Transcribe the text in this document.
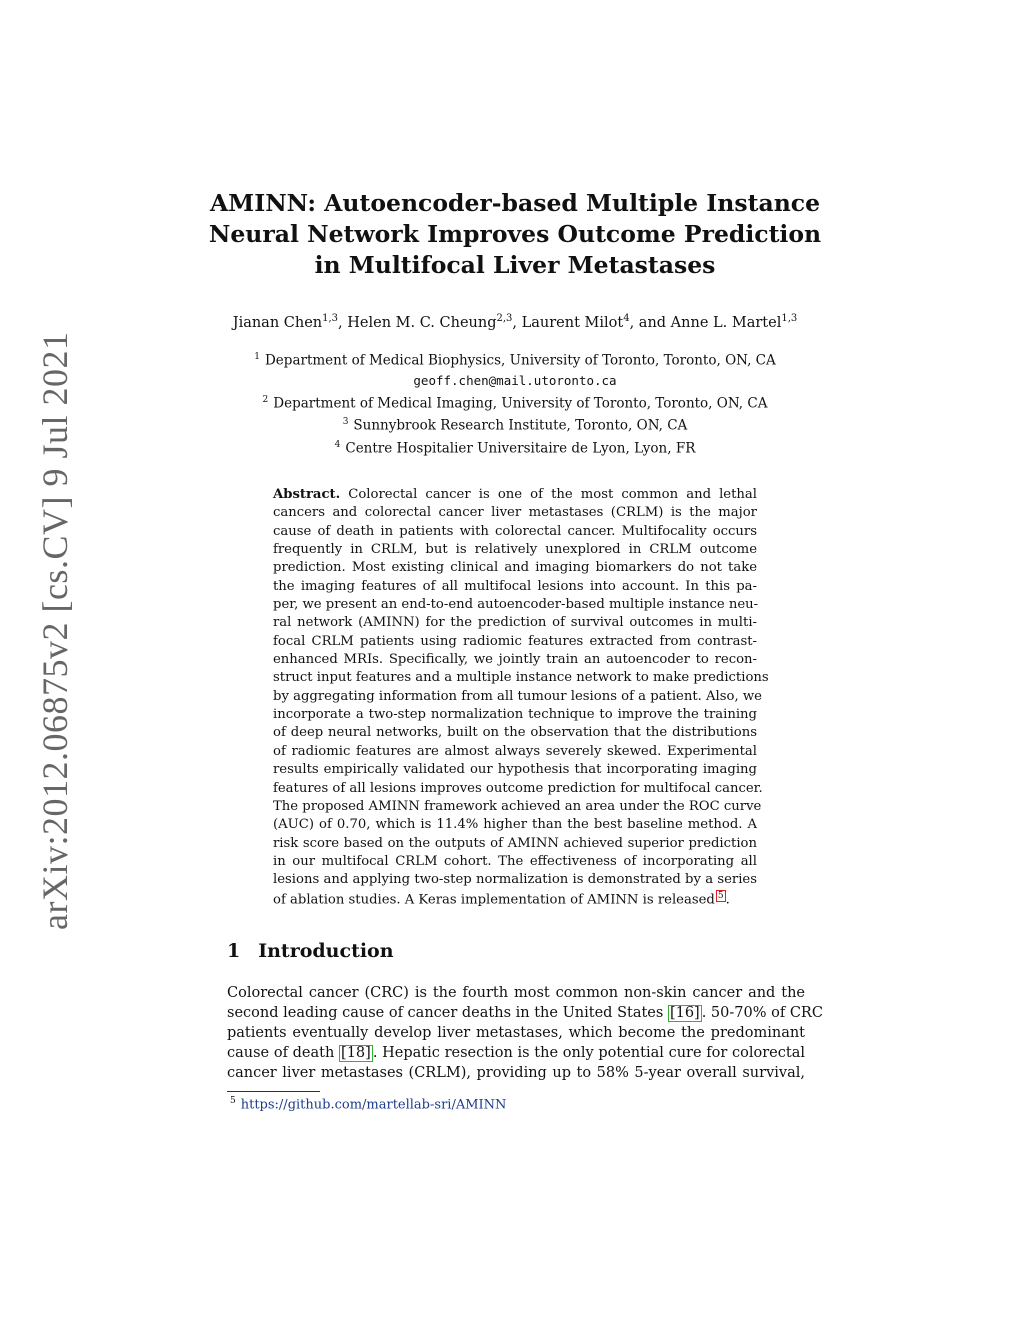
arXiv:2012.06875v2 [cs.CV] 9 Jul 2021
AMINN: Autoencoder-based Multiple Instance
Neural Network Improves Outcome Prediction
in Multifocal Liver Metastases
Jianan Chen$^{1,3}$, Helen M. C. Cheung$^{2,3}$, Laurent Milot$^4$, and Anne L. Martel$^{1,3}$
$^1$ Department of Medical Biophysics, University of Toronto, Toronto, ON, CA
geoff.chen@mail.utoronto.ca
$^2$ Department of Medical Imaging, University of Toronto, Toronto, ON, CA
$^3$ Sunnybrook Research Institute, Toronto, ON, CA
$^4$ Centre Hospitalier Universitaire de Lyon, Lyon, FR
Abstract. Colorectal cancer is one of the most common and lethal
cancers and colorectal cancer liver metastases (CRLM) is the major
cause of death in patients with colorectal cancer. Multifocality occurs
frequently in CRLM, but is relatively unexplored in CRLM outcome
prediction. Most existing clinical and imaging biomarkers do not take
the imaging features of all multifocal lesions into account. In this pa-
per, we present an end-to-end autoencoder-based multiple instance neu-
ral network (AMINN) for the prediction of survival outcomes in multi-
focal CRLM patients using radiomic features extracted from contrast-
enhanced MRIs. Specifically, we jointly train an autoencoder to recon-
struct input features and a multiple instance network to make predictions
by aggregating information from all tumour lesions of a patient. Also, we
incorporate a two-step normalization technique to improve the training
of deep neural networks, built on the observation that the distributions
of radiomic features are almost always severely skewed. Experimental
results empirically validated our hypothesis that incorporating imaging
features of all lesions improves outcome prediction for multifocal cancer.
The proposed AMINN framework achieved an area under the ROC curve
(AUC) of 0.70, which is 11.4% higher than the best baseline method. A
risk score based on the outputs of AMINN achieved superior prediction
in our multifocal CRLM cohort. The effectiveness of incorporating all
lesions and applying two-step normalization is demonstrated by a series
of ablation studies. A Keras implementation of AMINN is released 5 .
1 Introduction
Colorectal cancer (CRC) is the fourth most common non-skin cancer and the
second leading cause of cancer deaths in the United States [16] . 50-70% of CRC
patients eventually develop liver metastases, which become the predominant
cause of death [18] . Hepatic resection is the only potential cure for colorectal
cancer liver metastases (CRLM), providing up to 58% 5-year overall survival,
$^5$ https://github.com/martellab-sri/AMINN
